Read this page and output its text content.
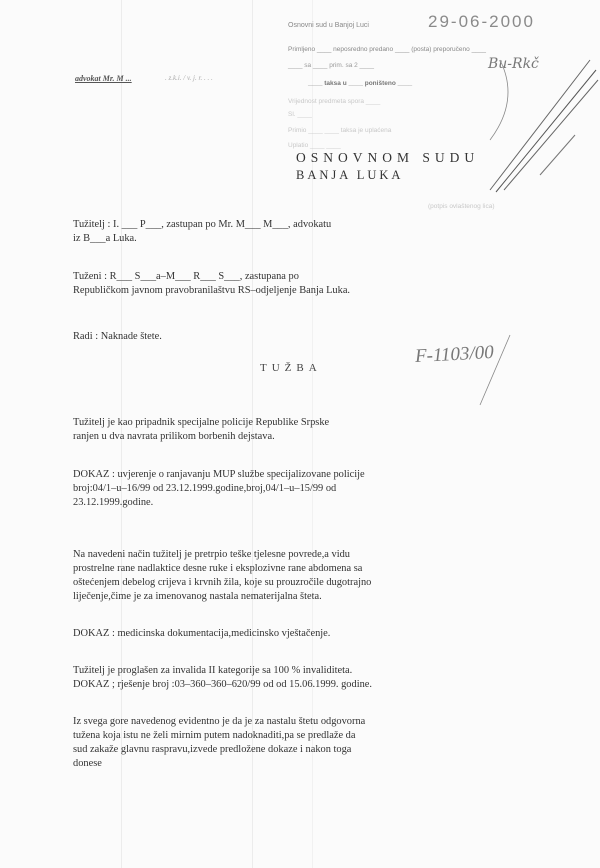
Osnovni sud u Banjoj Luci	29-06-2000
Primljeno ____ neposredno predano ____ (posta) preporučeno ____
____ sa ____ prim. sa 2 ____	Bu-Rkč
____ taksa u ____ poništeno ____
Vrijednost predmeta spora ____
Sl. ____
Primio ____ ____ taksa je uplaćena
Uplatio ____ ____
(potpis ovlaštenog lica)
advokat Mr. M ...	. z.k.i. / v. j. r. . . .
OSNOVNOM SUDU
BANJA LUKA

Tužitelj : I. ___ P___, zastupan po Mr. M___ M___, advokatu

iz B___a Luka.

Tuženi : R___ S___a–M___ R___ S___, zastupana po

Republičkom javnom pravobranilaštvu RS–odjeljenje Banja Luka.

Radi : Naknade štete.

TUŽBA
F-1103/00

Tužitelj je kao pripadnik specijalne policije Republike Srpske

ranjen u dva navrata prilikom borbenih dejstava.

DOKAZ : uvjerenje o ranjavanju MUP službe specijalizovane policije

broj:04/1–u–16/99 od 23.12.1999.godine,broj,04/1–u–15/99 od

23.12.1999.godine.

Na navedeni način tužitelj je pretrpio teške tjelesne povrede,a vidu

prostrelne rane nadlaktice desne ruke i eksplozivne rane abdomena sa

oštećenjem debelog crijeva i krvnih žila, koje su prouzročile dugotrajno

liječenje,čime je za imenovanog nastala nematerijalna šteta.

DOKAZ : medicinska dokumentacija,medicinsko vještačenje.

Tužitelj je proglašen za invalida II kategorije sa 100 % invaliditeta.

DOKAZ ; rješenje broj :03–360–360–620/99 od od 15.06.1999. godine.

Iz svega gore navedenog evidentno je da je za nastalu štetu odgovorna

tužena koja istu ne želi mirnim putem nadoknaditi,pa se predlaže da

sud zakaže glavnu raspravu,izvede predložene dokaze i nakon toga

donese
